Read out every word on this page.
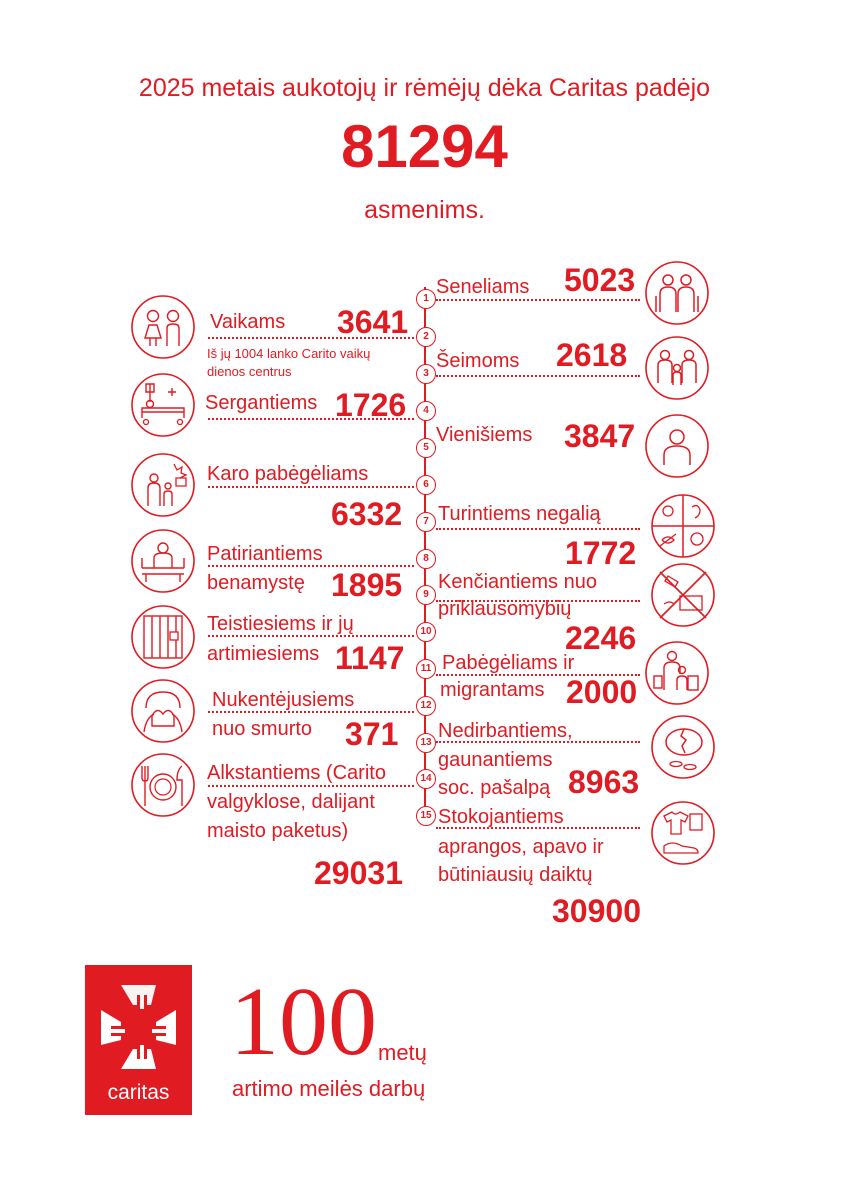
2025 metais aukotojų ir rėmėjų dėka Caritas padėjo
81294
asmenims.
1
2
3
4
5
6
7
8
9
10
11
12
13
14
15
Seneliams 5023
Šeimoms 2618
Vienišiems 3847
Turintiems negalią
1772
Kenčiantiems nuo
priklausomybių
2246
Pabėgėliams ir
migrantams 2000
Nedirbantiems,
gaunantiems
soc. pašalpą 8963
Stokojantiems
aprangos, apavo ir
būtiniausių daiktų
30900
Vaikams 3641
Iš jų 1004 lanko Carito vaikų
dienos centrus
Sergantiems 1726
Karo pabėgėliams
6332
Patiriantiems
benamystę 1895
Teistiesiems ir jų
artimiesiems 1147
Nukentėjusiems
nuo smurto 371
Alkstantiems (Carito
valgyklose, dalijant
maisto paketus)
29031
caritas
100 metų
artimo meilės darbų
